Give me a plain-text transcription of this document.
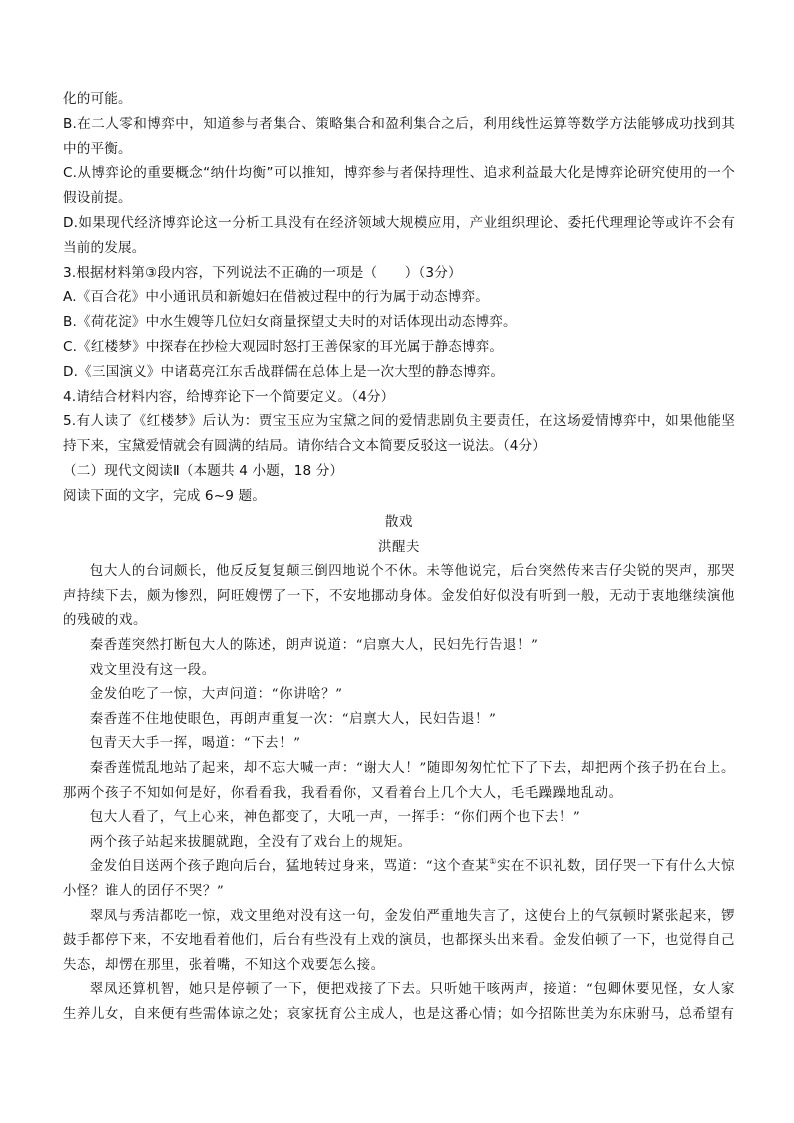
化的可能。

B.在二人零和博弈中，知道参与者集合、策略集合和盈利集合之后，利用线性运算等数学方法能够成功找到其中的平衡。

C.从博弈论的重要概念“纳什均衡”可以推知，博弈参与者保持理性、追求利益最大化是博弈论研究使用的一个假设前提。

D.如果现代经济博弈论这一分析工具没有在经济领域大规模应用，产业组织理论、委托代理理论等或许不会有当前的发展。

3.根据材料第③段内容，下列说法不正确的一项是（　　）（3分）

A.《百合花》中小通讯员和新媳妇在借被过程中的行为属于动态博弈。

B.《荷花淀》中水生嫂等几位妇女商量探望丈夫时的对话体现出动态博弈。

C.《红楼梦》中探春在抄检大观园时怒打王善保家的耳光属于静态博弈。

D.《三国演义》中诸葛亮江东舌战群儒在总体上是一次大型的静态博弈。

4.请结合材料内容，给博弈论下一个简要定义。（4分）

5.有人读了《红楼梦》后认为：贾宝玉应为宝黛之间的爱情悲剧负主要责任，在这场爱情博弈中，如果他能坚持下来，宝黛爱情就会有圆满的结局。请你结合文本简要反驳这一说法。（4分）

（二）现代文阅读Ⅱ（本题共 4 小题，18 分）

阅读下面的文字，完成 6~9 题。

散戏

洪醒夫

包大人的台词颇长，他反反复复颠三倒四地说个不休。未等他说完，后台突然传来吉仔尖锐的哭声，那哭声持续下去，颇为惨烈，阿旺嫂愣了一下，不安地挪动身体。金发伯好似没有听到一般，无动于衷地继续演他的残破的戏。

秦香莲突然打断包大人的陈述，朗声说道：“启禀大人，民妇先行告退！”

戏文里没有这一段。

金发伯吃了一惊，大声问道：“你讲啥？”

秦香莲不住地使眼色，再朗声重复一次：“启禀大人，民妇告退！”

包青天大手一挥，喝道：“下去！”

秦香莲慌乱地站了起来，却不忘大喊一声：“谢大人！”随即匆匆忙忙下了下去，却把两个孩子扔在台上。那两个孩子不知如何是好，你看看我，我看看你，又看着台上几个大人，毛毛躁躁地乱动。

包大人看了，气上心来，神色都变了，大吼一声，一挥手：“你们两个也下去！”

两个孩子站起来拔腿就跑，全没有了戏台上的规矩。

金发伯目送两个孩子跑向后台，猛地转过身来，骂道：“这个查某①实在不识礼数，囝仔哭一下有什么大惊小怪？谁人的囝仔不哭？”

翠凤与秀洁都吃一惊，戏文里绝对没有这一句，金发伯严重地失言了，这使台上的气氛顿时紧张起来，锣鼓手都停下来，不安地看着他们，后台有些没有上戏的演员，也都探头出来看。金发伯顿了一下，也觉得自己失态，却愣在那里，张着嘴，不知这个戏要怎么接。

翠凤还算机智，她只是停顿了一下，便把戏接了下去。只听她干咳两声，接道：“包卿休要见怪，女人家生养儿女，自来便有些需体谅之处；哀家抚育公主成人，也是这番心情；如今招陈世美为东床驸马，总希望有
